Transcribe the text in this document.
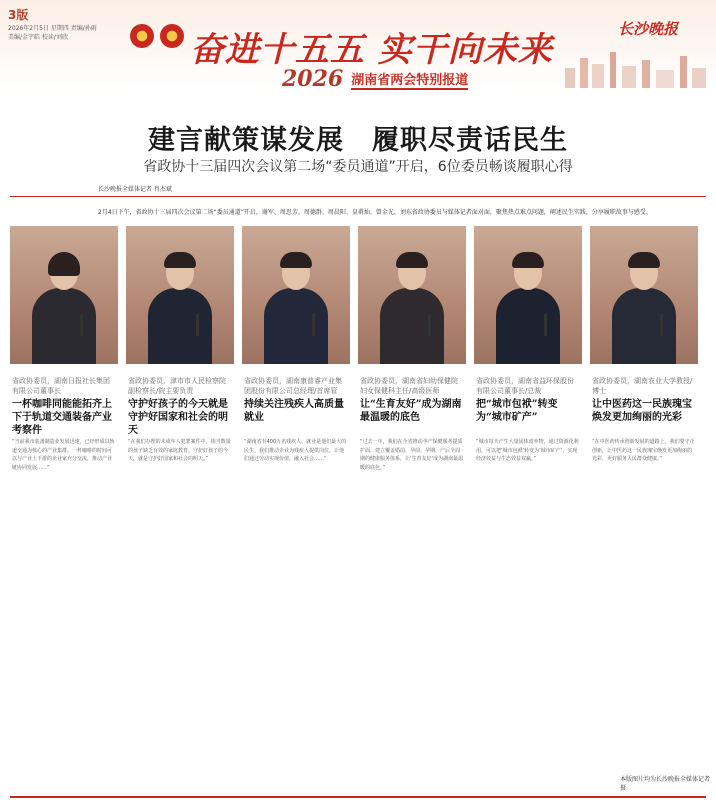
3版
2026年2月5日 星期四 责编/孙雨 美编/金宇皓 校读/刘欣	奋进十五五 实干向未来
长沙晚报
2026 湖南省两会特别报道
建言献策谋发展　履职尽责话民生
省政协十三届四次会议第二场“委员通道”开启，6位委员畅谈履职心得
长沙晚报全媒体记者 肖杰斌
2月4日下午，省政协十三届四次会议第二场“委员通道”开启，谢军、周思芳、周德群、周晨阳、皇甫灿、曾金光，刘东省政协委员与媒体记者面对面，聚焦热点难点问题，阐述民生实践，分享履职故事与感受。
省政协委员，湖南日报社长集团有限公司董事长
一杯咖啡同能能拓齐上下于轨道交通装备产业考察件
“当前我市装备制造业发展迅速，已经形成以轨道交通为核心的产业集群。一杯咖啡的时间可以与产业上下游的企业家充分交流，推动产业链协同发展……”
省政协委员，津市市人民检察院副检察长/院主要负责
守护好孩子的今天就是守护好国家和社会的明天
“在我们办理的未成年人犯罪案件中，相当数量的孩子缺乏有效的家庭教育。守护好孩子的今天，就是守护好国家和社会的明天。”
省政协委员，湖南康普睿产业集团股份有限公司总经理/首席管
持续关注残疾人高质量就业
“湖南省有400万名残疾人，就业是他们最大的民生。我们推动企业为残疾人提供岗位，让他们通过劳动实现价值，融入社会……”
省政协委员，湖南省妇幼保健院妇女保健科主任/高级医师
让“生育友好”成为湖南最温暖的底色
“过去一年，我们在全省推动孕产保健服务提质扩面，建立覆盖婚前、孕前、孕期、产后全周期的健康服务体系，让‘生育友好’成为湖南最温暖的底色。”
省政协委员，湖南省益环保股份有限公司董事长/总裁
把“城市包袱”转变为“城市矿产”
“城市每天产生大量固体废弃物，通过资源化利用，可以把‘城市包袱’转变为‘城市矿产’，实现经济效益与生态效益双赢。”
省政协委员，湖南农业大学教授/博士
让中医药这一民族瑰宝焕发更加绚丽的光彩
“在中医药传承创新发展的道路上，我们要守正创新，让中医药这一民族瑰宝焕发更加绚丽的光彩，更好服务人民群众健康。”
本版图片均为长沙晚报全媒体记者 摄
